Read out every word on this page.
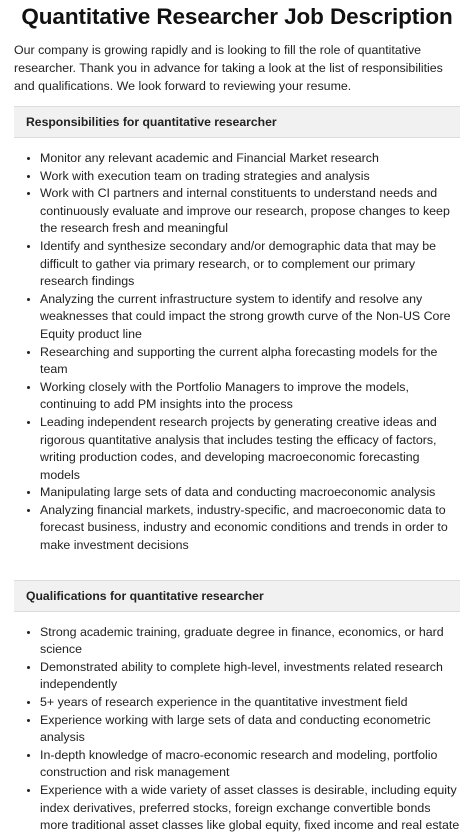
Quantitative Researcher Job Description

Our company is growing rapidly and is looking to fill the role of quantitative researcher. Thank you in advance for taking a look at the list of responsibilities and qualifications. We look forward to reviewing your resume.

Responsibilities for quantitative researcher
• Monitor any relevant academic and Financial Market research
• Work with execution team on trading strategies and analysis
• Work with CI partners and internal constituents to understand needs and continuously evaluate and improve our research, propose changes to keep the research fresh and meaningful
• Identify and synthesize secondary and/or demographic data that may be difficult to gather via primary research, or to complement our primary research findings
• Analyzing the current infrastructure system to identify and resolve any weaknesses that could impact the strong growth curve of the Non-US Core Equity product line
• Researching and supporting the current alpha forecasting models for the team
• Working closely with the Portfolio Managers to improve the models, continuing to add PM insights into the process
• Leading independent research projects by generating creative ideas and rigorous quantitative analysis that includes testing the efficacy of factors, writing production codes, and developing macroeconomic forecasting models
• Manipulating large sets of data and conducting macroeconomic analysis
• Analyzing financial markets, industry-specific, and macroeconomic data to forecast business, industry and economic conditions and trends in order to make investment decisions
Qualifications for quantitative researcher
• Strong academic training, graduate degree in finance, economics, or hard science
• Demonstrated ability to complete high-level, investments related research independently
• 5+ years of research experience in the quantitative investment field
• Experience working with large sets of data and conducting econometric analysis
• In-depth knowledge of macro-economic research and modeling, portfolio construction and risk management
• Experience with a wide variety of asset classes is desirable, including equity index derivatives, preferred stocks, foreign exchange convertible bonds more traditional asset classes like global equity, fixed income and real estate
